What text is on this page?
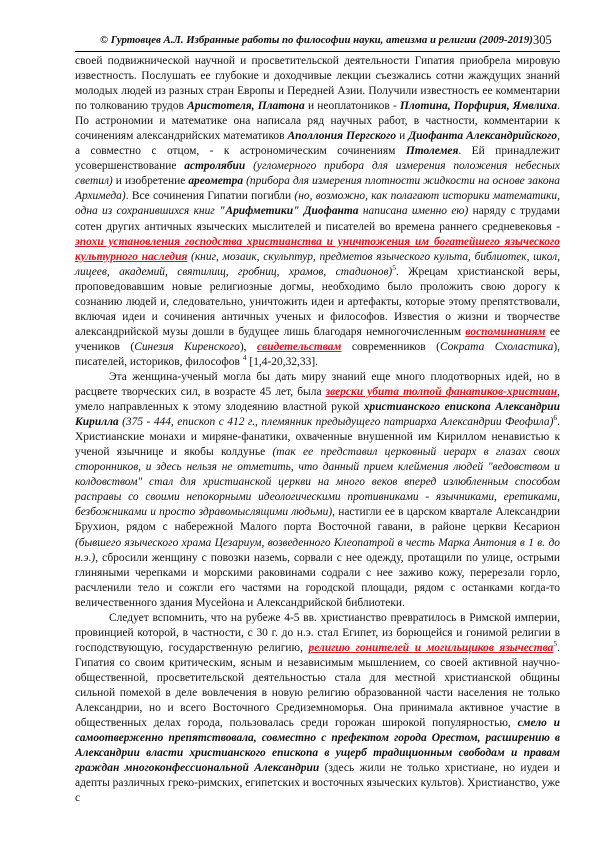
© Гуртовцев А.Л. Избранные работы по философии науки, атеизма и религии (2009-2019) 305

своей подвижнической научной и просветительской деятельности Гипатия приобрела мировую известность. Послушать ее глубокие и доходчивые лекции съезжались сотни жаждущих знаний молодых людей из разных стран Европы и Передней Азии. Получили известность ее комментарии по толкованию трудов Аристотеля, Платона и неоплатоников - Плотина, Порфирия, Ямвлиха. По астрономии и математике она написала ряд научных работ, в частности, комментарии к сочинениям александрийских математиков Аполлония Пергского и Диофанта Александрийского, а совместно с отцом, - к астрономическим сочинениям Птолемея. Ей принадлежит усовершенствование астролябии (угломерного прибора для измерения положения небесных светил) и изобретение ареометра (прибора для измерения плотности жидкости на основе закона Архимеда). Все сочинения Гипатии погибли (но, возможно, как полагают историки математики, одна из сохранившихся книг "Арифметики" Диофанта написана именно ею) наряду с трудами сотен других античных языческих мыслителей и писателей во времена раннего средневековья - эпохи установления господства христианства и уничтожения им богатейшего языческого культурного наследия (книг, мозаик, скульптур, предметов языческого культа, библиотек, школ, лицеев, академий, святилищ, гробниц, храмов, стадионов)$^5$. Жрецам христианской веры, проповедовавшим новые религиозные догмы, необходимо было проложить свою дорогу к сознанию людей и, следовательно, уничтожить идеи и артефакты, которые этому препятствовали, включая идеи и сочинения античных ученых и философов. Известия о жизни и творчестве александрийской музы дошли в будущее лишь благодаря немногочисленным воспоминаниям ее учеников (Синезия Киренского), свидетельствам современников (Сократа Схоластика), писателей, историков, философов $^4$ [1,4-20,32,33].

Эта женщина-ученый могла бы дать миру знаний еще много плодотворных идей, но в расцвете творческих сил, в возрасте 45 лет, была зверски убита толпой фанатиков-христиан, умело направленных к этому злодеянию властной рукой христианского епископа Александрии Кирилла (375 - 444, епископ с 412 г., племянник предыдущего патриарха Александрии Феофила)$^6$. Христианские монахи и миряне-фанатики, охваченные внушенной им Кириллом ненавистью к ученой язычнице и якобы колдунье (так ее представил церковный иерарх в глазах своих сторонников, и здесь нельзя не отметить, что данный прием клеймения людей "ведовством и колдовством" стал для христианской церкви на много веков вперед излюбленным способом расправы со своими непокорными идеологическими противниками - язычниками, еретиками, безбожниками и просто здравомыслящими людьми), настигли ее в царском квартале Александрии Брухион, рядом с набережной Малого порта Восточной гавани, в районе церкви Кесарион (бывшего языческого храма Цезариум, возведенного Клеопатрой в честь Марка Антония в 1 в. до н.э.), сбросили женщину с повозки наземь, сорвали с нее одежду, протащили по улице, острыми глиняными черепками и морскими раковинами содрали с нее заживо кожу, перерезали горло, расчленили тело и сожгли его частями на городской площади, рядом с останками когда-то величественного здания Мусейона и Александрийской библиотеки.

Следует вспомнить, что на рубеже 4-5 вв. христианство превратилось в Римской империи, провинцией которой, в частности, с 30 г. до н.э. стал Египет, из борющейся и гонимой религии в господствующую, государственную религию, религию гонителей и могильщиков язычества$^5$. Гипатия со своим критическим, ясным и независимым мышлением, со своей активной научно-общественной, просветительской деятельностью стала для местной христианской общины сильной помехой в деле вовлечения в новую религию образованной части населения не только Александрии, но и всего Восточного Средиземноморья. Она принимала активное участие в общественных делах города, пользовалась среди горожан широкой популярностью, смело и самоотверженно препятствовала, совместно с префектом города Орестом, расширению в Александрии власти христианского епископа в ущерб традиционным свободам и правам граждан многоконфессиональной Александрии (здесь жили не только христиане, но иудеи и адепты различных греко-римских, египетских и восточных языческих культов). Христианство, уже с
